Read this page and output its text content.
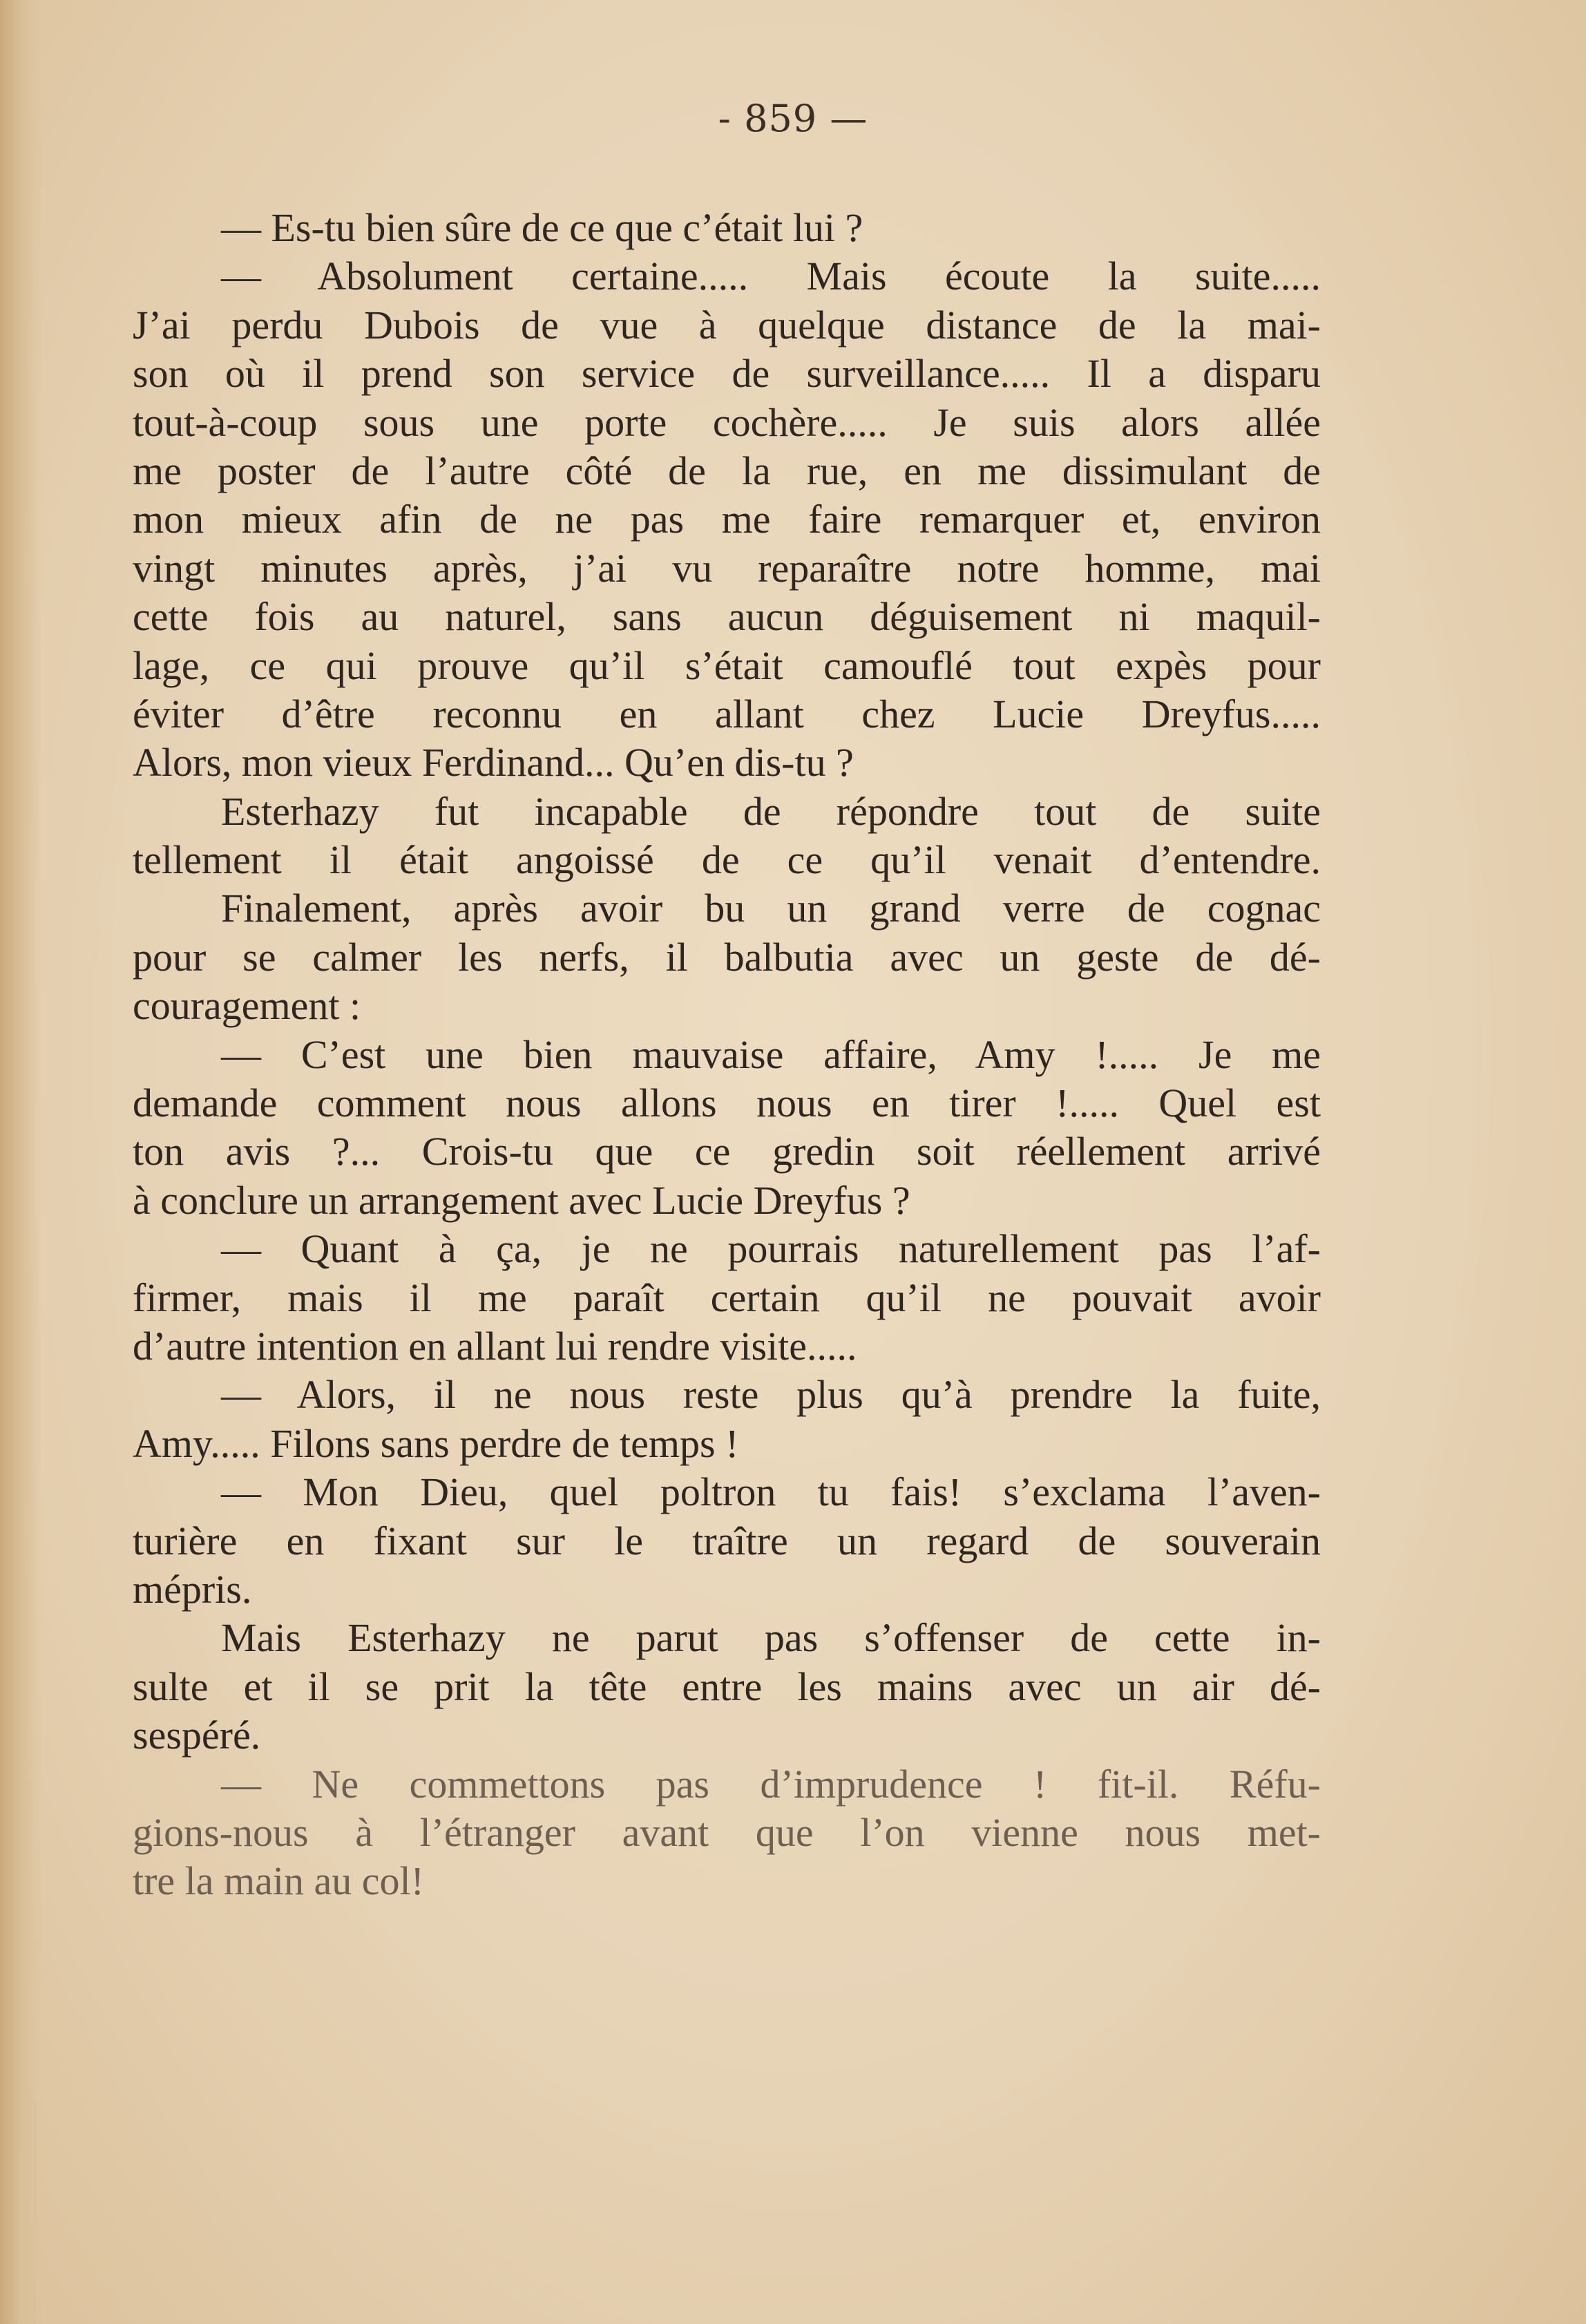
- 859 —
— Es-tu bien sûre de ce que c’était lui ?
— Absolument certaine..... Mais écoute la suite.....
J’ai perdu Dubois de vue à quelque distance de la mai-
son où il prend son service de surveillance..... Il a disparu
tout-à-coup sous une porte cochère..... Je suis alors allée
me poster de l’autre côté de la rue, en me dissimulant de
mon mieux afin de ne pas me faire remarquer et, environ
vingt minutes après, j’ai vu reparaître notre homme, mai
cette fois au naturel, sans aucun déguisement ni maquil-
lage, ce qui prouve qu’il s’était camouflé tout expès pour
éviter d’être reconnu en allant chez Lucie Dreyfus.....
Alors, mon vieux Ferdinand... Qu’en dis-tu ?
Esterhazy fut incapable de répondre tout de suite
tellement il était angoissé de ce qu’il venait d’entendre.
Finalement, après avoir bu un grand verre de cognac
pour se calmer les nerfs, il balbutia avec un geste de dé-
couragement :
— C’est une bien mauvaise affaire, Amy !..... Je me
demande comment nous allons nous en tirer !..... Quel est
ton avis ?... Crois-tu que ce gredin soit réellement arrivé
à conclure un arrangement avec Lucie Dreyfus ?
— Quant à ça, je ne pourrais naturellement pas l’af-
firmer, mais il me paraît certain qu’il ne pouvait avoir
d’autre intention en allant lui rendre visite.....
— Alors, il ne nous reste plus qu’à prendre la fuite,
Amy..... Filons sans perdre de temps !
— Mon Dieu, quel poltron tu fais! s’exclama l’aven-
turière en fixant sur le traître un regard de souverain
mépris.
Mais Esterhazy ne parut pas s’offenser de cette in-
sulte et il se prit la tête entre les mains avec un air dé-
sespéré.
— Ne commettons pas d’imprudence ! fit-il. Réfu-
gions-nous à l’étranger avant que l’on vienne nous met-
tre la main au col!
